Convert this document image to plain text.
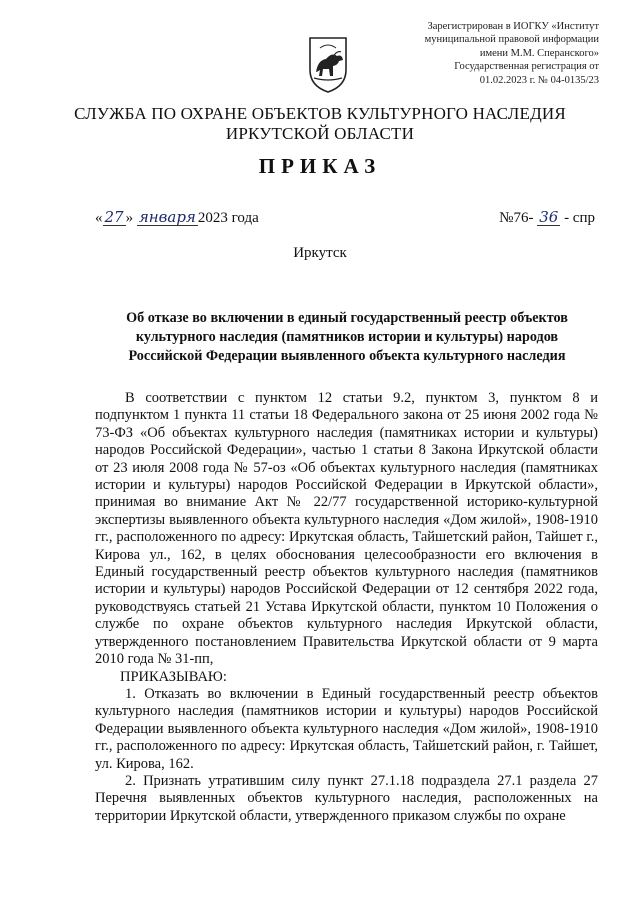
Зарегистрирован в ИОГКУ «Институт
муниципальной правовой информации
имени М.М. Сперанского»
Государственная регистрация от
01.02.2023 г. № 04-0135/23
СЛУЖБА ПО ОХРАНЕ ОБЪЕКТОВ КУЛЬТУРНОГО НАСЛЕДИЯ
ИРКУТСКОЙ ОБЛАСТИ
ПРИКАЗ
« 27 » января 2023 года	№76- 36 - спр
Иркутск
Об отказе во включении в единый государственный реестр объектов культурного наследия (памятников истории и культуры) народов Российской Федерации выявленного объекта культурного наследия

В соответствии с пунктом 12 статьи 9.2, пунктом 3, пунктом 8 и подпунктом 1 пункта 11 статьи 18 Федерального закона от 25 июня 2002 года № 73-ФЗ «Об объектах культурного наследия (памятниках истории и культуры) народов Российской Федерации», частью 1 статьи 8 Закона Иркутской области от 23 июля 2008 года № 57-оз «Об объектах культурного наследия (памятниках истории и культуры) народов Российской Федерации в Иркутской области», принимая во внимание Акт № 22/77 государственной историко-культурной экспертизы выявленного объекта культурного наследия «Дом жилой», 1908-1910 гг., расположенного по адресу: Иркутская область, Тайшетский район, Тайшет г., Кирова ул., 162, в целях обоснования целесообразности его включения в Единый государственный реестр объектов культурного наследия (памятников истории и культуры) народов Российской Федерации от 12 сентября 2022 года, руководствуясь статьей 21 Устава Иркутской области, пунктом 10 Положения о службе по охране объектов культурного наследия Иркутской области, утвержденного постановлением Правительства Иркутской области от 9 марта 2010 года № 31-пп,

ПРИКАЗЫВАЮ:

1. Отказать во включении в Единый государственный реестр объектов культурного наследия (памятников истории и культуры) народов Российской Федерации выявленного объекта культурного наследия «Дом жилой», 1908-1910 гг., расположенного по адресу: Иркутская область, Тайшетский район, г. Тайшет, ул. Кирова, 162.

2. Признать утратившим силу пункт 27.1.18 подраздела 27.1 раздела 27 Перечня выявленных объектов культурного наследия, расположенных на территории Иркутской области, утвержденного приказом службы по охране
